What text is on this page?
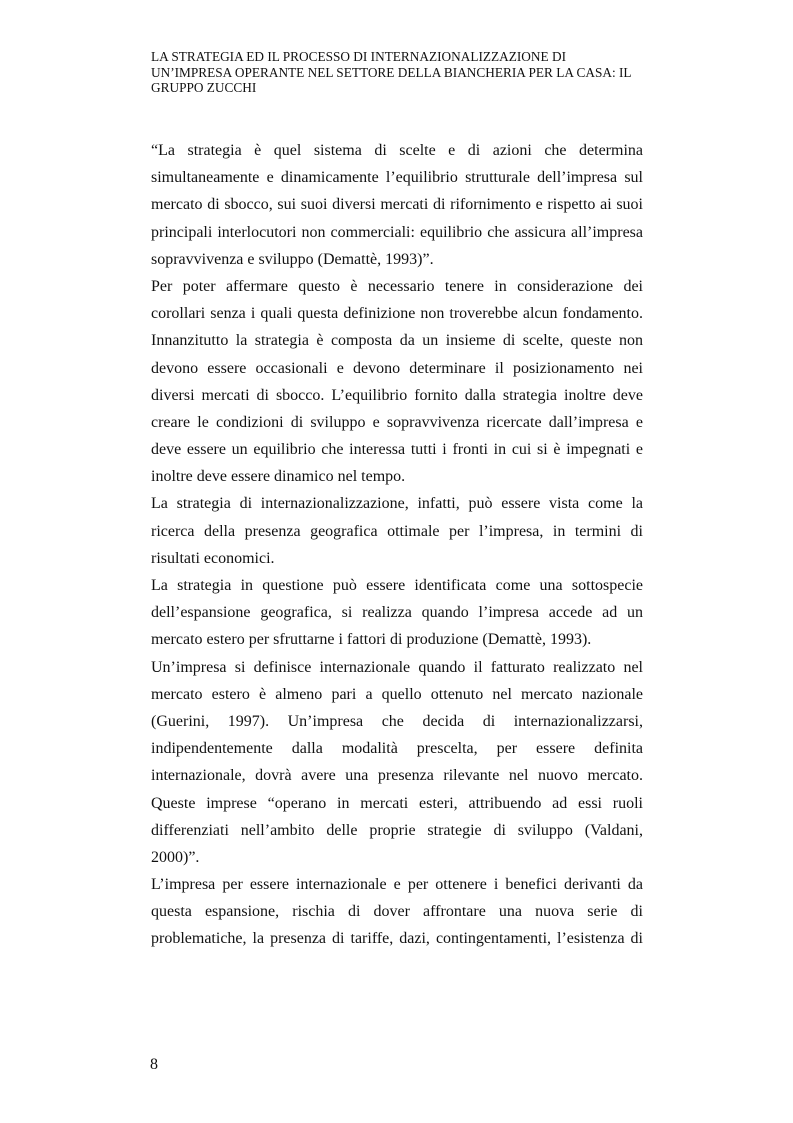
LA STRATEGIA ED IL PROCESSO DI INTERNAZIONALIZZAZIONE DI
UN’IMPRESA OPERANTE NEL SETTORE DELLA BIANCHERIA PER LA CASA: IL
GRUPPO ZUCCHI
“La strategia è quel sistema di scelte e di azioni che determina
simultaneamente e dinamicamente l’equilibrio strutturale dell’impresa sul
mercato di sbocco, sui suoi diversi mercati di rifornimento e rispetto ai suoi
principali interlocutori non commerciali: equilibrio che assicura all’impresa
sopravvivenza e sviluppo (Demattè, 1993)”.
Per poter affermare questo è necessario tenere in considerazione dei
corollari senza i quali questa definizione non troverebbe alcun fondamento.
Innanzitutto la strategia è composta da un insieme di scelte, queste non
devono essere occasionali e devono determinare il posizionamento nei
diversi mercati di sbocco. L’equilibrio fornito dalla strategia inoltre deve
creare le condizioni di sviluppo e sopravvivenza ricercate dall’impresa e
deve essere un equilibrio che interessa tutti i fronti in cui si è impegnati e
inoltre deve essere dinamico nel tempo.
La strategia di internazionalizzazione, infatti, può essere vista come la
ricerca della presenza geografica ottimale per l’impresa, in termini di
risultati economici.
La strategia in questione può essere identificata come una sottospecie
dell’espansione geografica, si realizza quando l’impresa accede ad un
mercato estero per sfruttarne i fattori di produzione (Demattè, 1993).
Un’impresa si definisce internazionale quando il fatturato realizzato nel
mercato estero è almeno pari a quello ottenuto nel mercato nazionale
(Guerini, 1997). Un’impresa che decida di internazionalizzarsi,
indipendentemente dalla modalità prescelta, per essere definita
internazionale, dovrà avere una presenza rilevante nel nuovo mercato.
Queste imprese “operano in mercati esteri, attribuendo ad essi ruoli
differenziati nell’ambito delle proprie strategie di sviluppo (Valdani,
2000)”.
L’impresa per essere internazionale e per ottenere i benefici derivanti da
questa espansione, rischia di dover affrontare una nuova serie di
problematiche, la presenza di tariffe, dazi, contingentamenti, l’esistenza di
8
